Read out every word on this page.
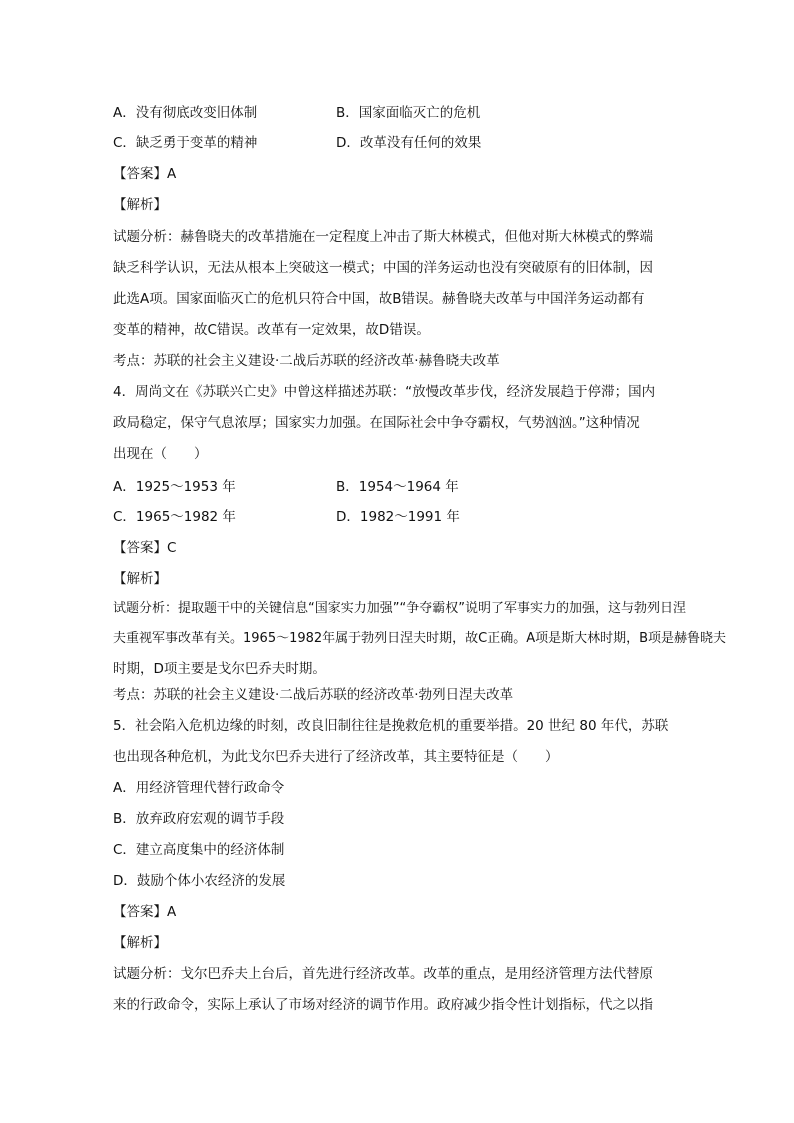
A．没有彻底改变旧体制	B．国家面临灭亡的危机
C．缺乏勇于变革的精神	D．改革没有任何的效果
【答案】A
【解析】
试题分析：赫鲁晓夫的改革措施在一定程度上冲击了斯大林模式，但他对斯大林模式的弊端
缺乏科学认识，无法从根本上突破这一模式；中国的洋务运动也没有突破原有的旧体制，因
此选A项。国家面临灭亡的危机只符合中国，故B错误。赫鲁晓夫改革与中国洋务运动都有
变革的精神，故C错误。改革有一定效果，故D错误。
考点：苏联的社会主义建设·二战后苏联的经济改革·赫鲁晓夫改革
4．周尚文在《苏联兴亡史》中曾这样描述苏联：“放慢改革步伐，经济发展趋于停滞；国内
政局稳定，保守气息浓厚；国家实力加强。在国际社会中争夺霸权，气势汹汹。”这种情况
出现在（　　）
A．1925～1953 年	B．1954～1964 年
C．1965～1982 年	D．1982～1991 年
【答案】C
【解析】
试题分析：提取题干中的关键信息“国家实力加强”“争夺霸权”说明了军事实力的加强，这与勃列日涅
夫重视军事改革有关。1965～1982年属于勃列日涅夫时期，故C正确。A项是斯大林时期，B项是赫鲁晓夫
时期，D项主要是戈尔巴乔夫时期。
考点：苏联的社会主义建设·二战后苏联的经济改革·勃列日涅夫改革
5．社会陷入危机边缘的时刻，改良旧制往往是挽救危机的重要举措。20 世纪 80 年代，苏联
也出现各种危机，为此戈尔巴乔夫进行了经济改革，其主要特征是（　　）
A．用经济管理代替行政命令
B．放弃政府宏观的调节手段
C．建立高度集中的经济体制
D．鼓励个体小农经济的发展
【答案】A
【解析】
试题分析：戈尔巴乔夫上台后，首先进行经济改革。改革的重点，是用经济管理方法代替原
来的行政命令，实际上承认了市场对经济的调节作用。政府减少指令性计划指标，代之以指
